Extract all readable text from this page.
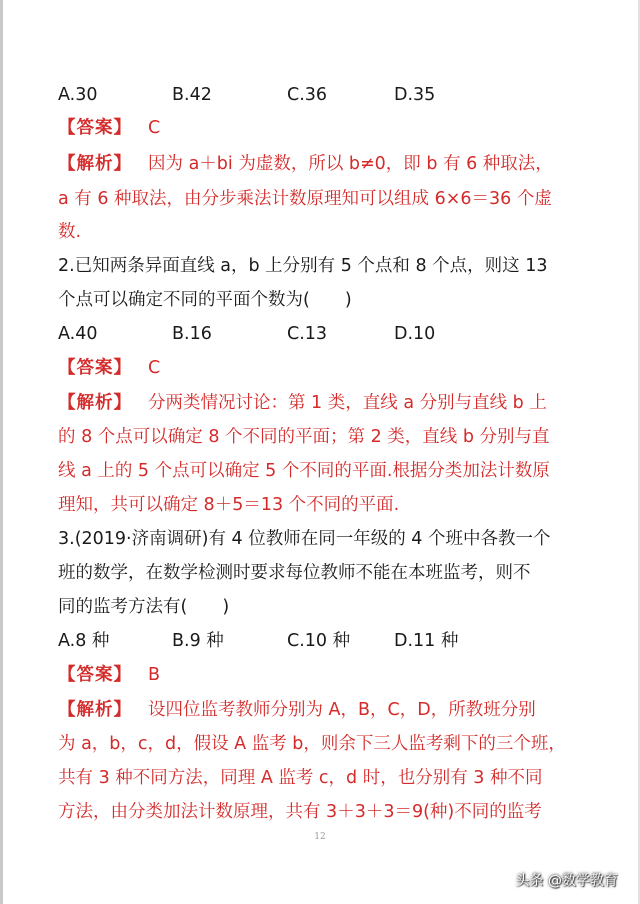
A.30	B.42	C.36	D.35
【答案】 C
【解析】 因为 a＋bi 为虚数，所以 b≠0，即 b 有 6 种取法，
a 有 6 种取法，由分步乘法计数原理知可以组成 6×6＝36 个虚
数.
2.已知两条异面直线 a，b 上分别有 5 个点和 8 个点，则这 13
个点可以确定不同的平面个数为(　　)
A.40	B.16	C.13	D.10
【答案】 C
【解析】 分两类情况讨论：第 1 类，直线 a 分别与直线 b 上
的 8 个点可以确定 8 个不同的平面；第 2 类，直线 b 分别与直
线 a 上的 5 个点可以确定 5 个不同的平面.根据分类加法计数原
理知，共可以确定 8＋5＝13 个不同的平面.
3.(2019·济南调研)有 4 位教师在同一年级的 4 个班中各教一个
班的数学，在数学检测时要求每位教师不能在本班监考，则不
同的监考方法有(　　)
A.8 种	B.9 种	C.10 种	D.11 种
【答案】 B
【解析】 设四位监考教师分别为 A，B，C，D，所教班分别
为 a，b，c，d，假设 A 监考 b，则余下三人监考剩下的三个班，
共有 3 种不同方法，同理 A 监考 c，d 时，也分别有 3 种不同
方法，由分类加法计数原理，共有 3＋3＋3＝9(种)不同的监考
12
头条 @数学教育
